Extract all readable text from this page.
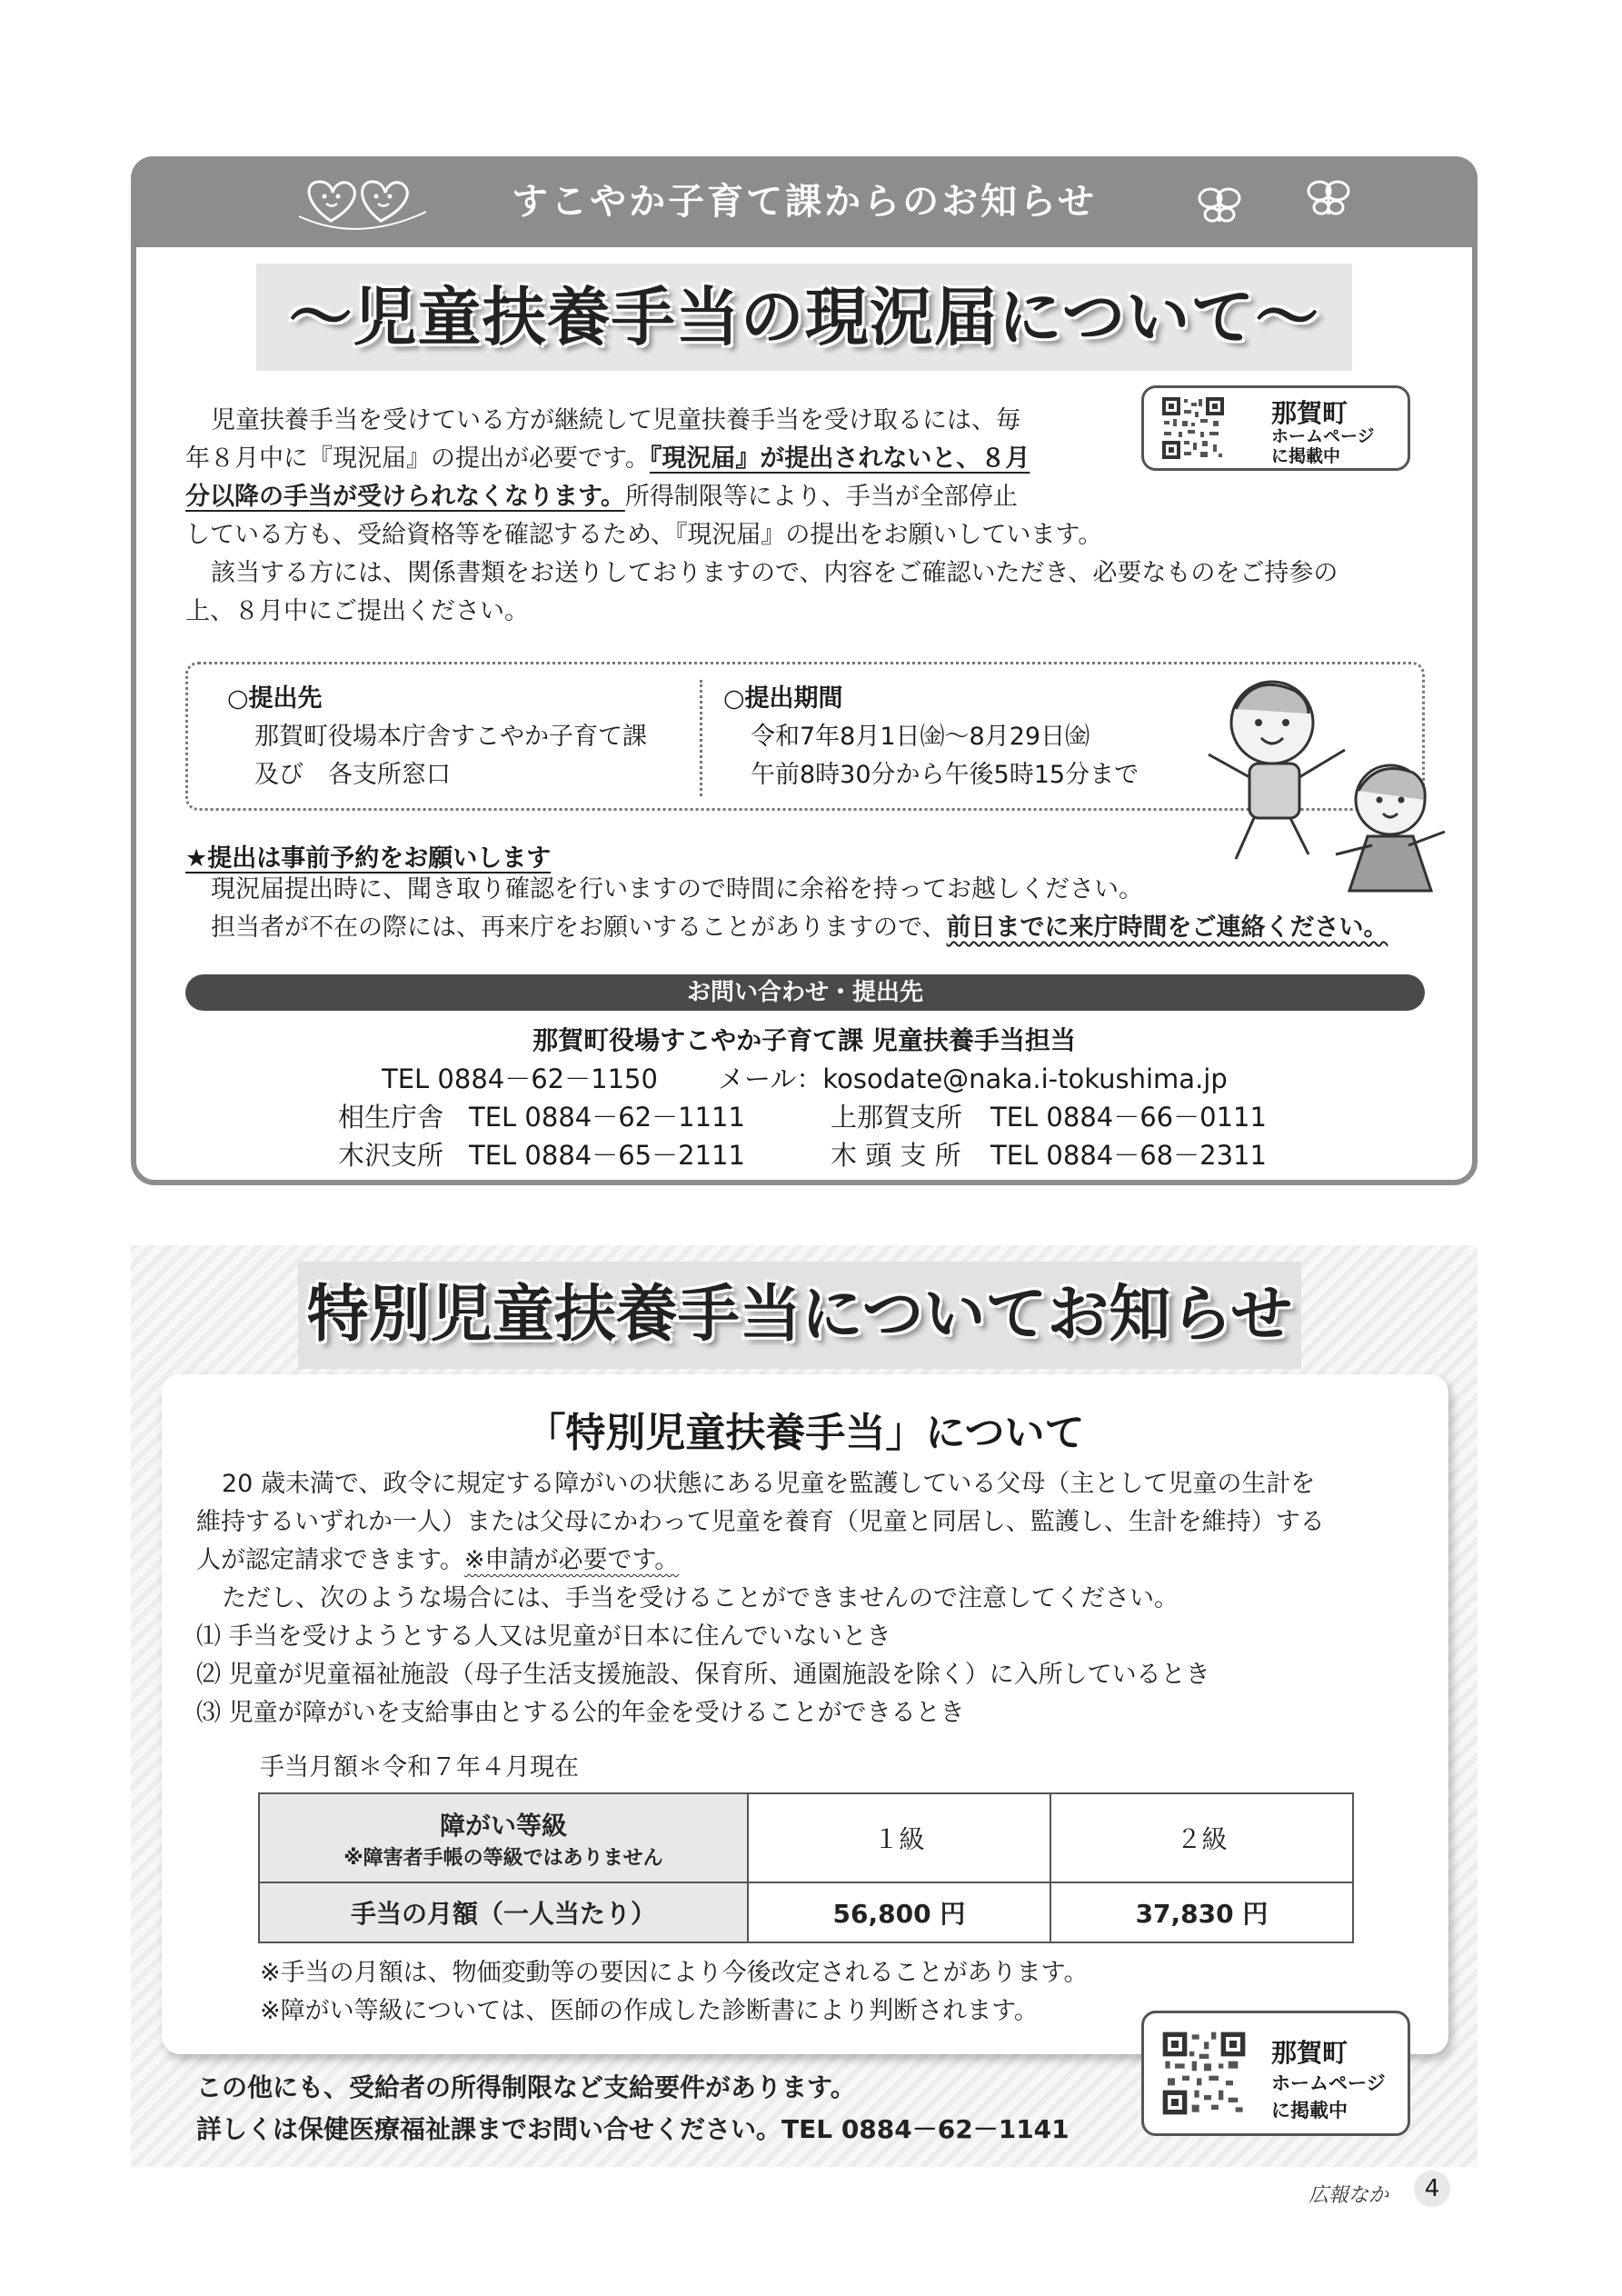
すこやか子育て課からのお知らせ
～児童扶養手当の現況届について～
児童扶養手当を受けている方が継続して児童扶養手当を受け取るには、毎
年８月中に『現況届』の提出が必要です。『現況届』が提出されないと、８月
分以降の手当が受けられなくなります。所得制限等により、手当が全部停止
している方も、受給資格等を確認するため、『現況届』の提出をお願いしています。
該当する方には、関係書類をお送りしておりますので、内容をご確認いただき、必要なものをご持参の
上、８月中にご提出ください。
那賀町
ホームページ
に掲載中
○提出先
那賀町役場本庁舎すこやか子育て課
及び　各支所窓口
○提出期間
令和7年8月1日㈮～8月29日㈮
午前8時30分から午後5時15分まで
★提出は事前予約をお願いします
現況届提出時に、聞き取り確認を行いますので時間に余裕を持ってお越しください。
担当者が不在の際には、再来庁をお願いすることがありますので、前日までに来庁時間をご連絡ください。
お問い合わせ・提出先
那賀町役場すこやか子育て課 児童扶養手当担当
TEL 0884－62－1150	メール：kosodate@naka.i-tokushima.jp
相生庁舎 TEL 0884－62－1111	上那賀支所	TEL 0884－66－0111
木沢支所 TEL 0884－65－2111	木 頭 支 所	TEL 0884－68－2311
特別児童扶養手当についてお知らせ
「特別児童扶養手当」について
20 歳未満で、政令に規定する障がいの状態にある児童を監護している父母（主として児童の生計を
維持するいずれか一人）または父母にかわって児童を養育（児童と同居し、監護し、生計を維持）する
人が認定請求できます。※申請が必要です。
ただし、次のような場合には、手当を受けることができませんので注意してください。
⑴ 手当を受けようとする人又は児童が日本に住んでいないとき
⑵ 児童が児童福祉施設（母子生活支援施設、保育所、通園施設を除く）に入所しているとき
⑶ 児童が障がいを支給事由とする公的年金を受けることができるとき
手当月額＊令和７年４月現在
障がい等級
※障害者手帳の等級ではありません	１級	２級
手当の月額（一人当たり）	56,800 円	37,830 円
※手当の月額は、物価変動等の要因により今後改定されることがあります。
※障がい等級については、医師の作成した診断書により判断されます。
この他にも、受給者の所得制限など支給要件があります。
詳しくは保健医療福祉課までお問い合せください。TEL 0884－62－1141
那賀町
ホームページ
に掲載中
広報なか	4
